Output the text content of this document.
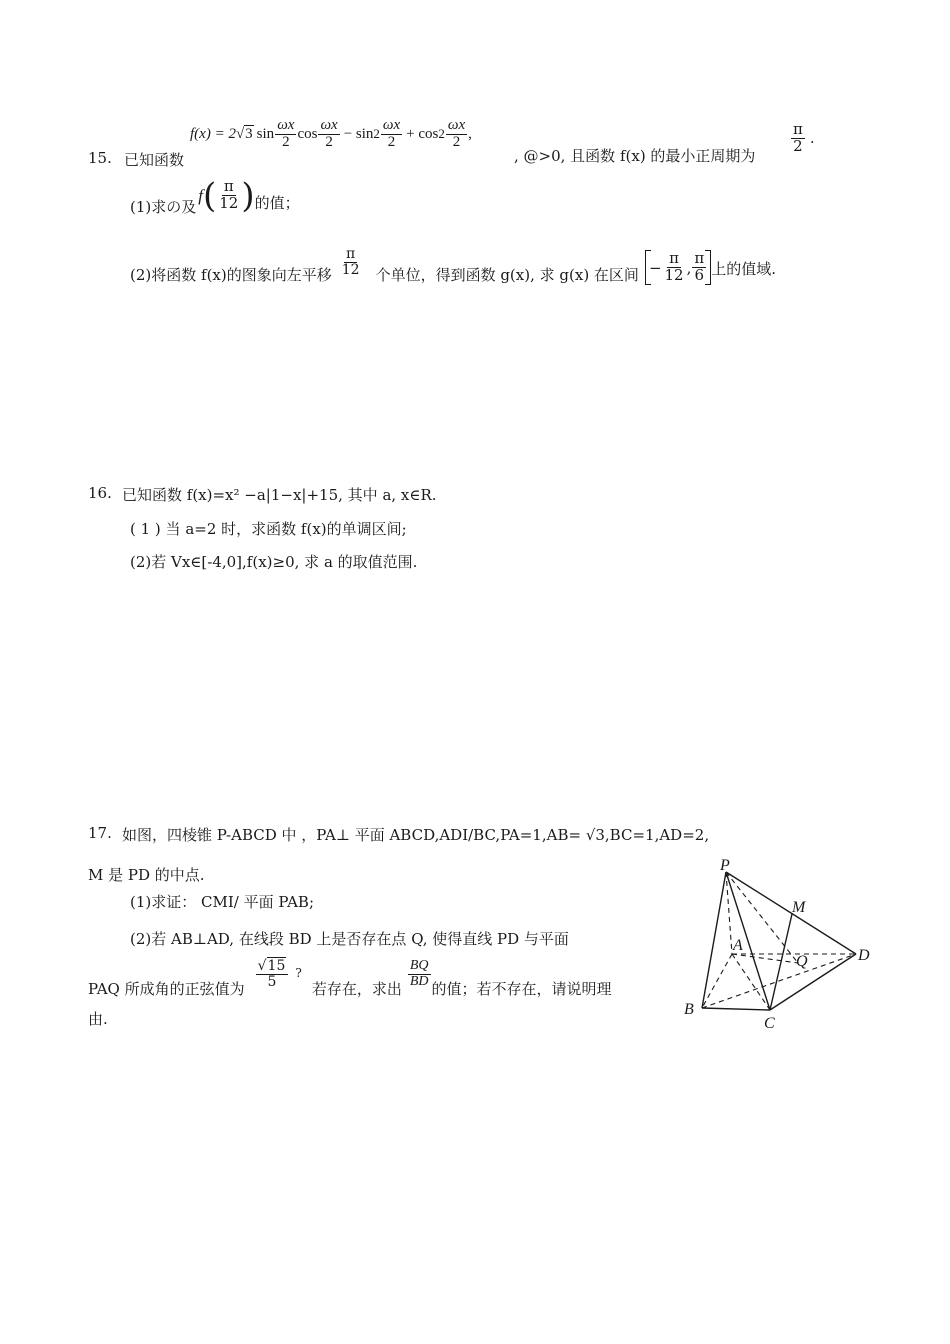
15. 已知函数
f(x) = 2 √3 $\sin \frac{\omega x}{2}$ $\cos \frac{\omega x}{2} - \sin 2 \frac{\omega x}{2} + \cos 2 \frac{\omega x}{2}$ ,
, @>0, 且函数 f(x) 的最小正周期为
$\frac{\pi}{2}$ .
(1)求の及
f ( $\frac{\pi}{12}$ ) 的值；
(2)将函数 f(x)的图象向左平移 $\frac{\pi}{12}$ 个单位，得到函数 g(x), 求 g(x) 在区间 − $\frac{\pi}{12}$ , $\frac{\pi}{6}$ 上的值域.
16. 已知函数 f(x)=x² −a|1−x|+15, 其中 a, x∈R.
( 1 ) 当 a=2 时，求函数 f(x)的单调区间;
(2)若 Vx∈[-4,0],f(x)≥0, 求 a 的取值范围.
17. 如图，四棱锥 P-ABCD 中 ，PA⊥ 平面 ABCD,ADI/BC,PA=1,AB= √3,BC=1,AD=2,
M 是 PD 的中点.
(1)求证： CMI/ 平面 PAB;
(2)若 AB⊥AD, 在线段 BD 上是否存在点 Q, 使得直线 PD 与平面
PAQ 所成角的正弦值为 $\frac{√15}{5}$ ?
若存在，求出 $\frac{BQ}{BD}$ 的值；若不存在，请说明理
由.
P
M
A
Q	D
B
C
